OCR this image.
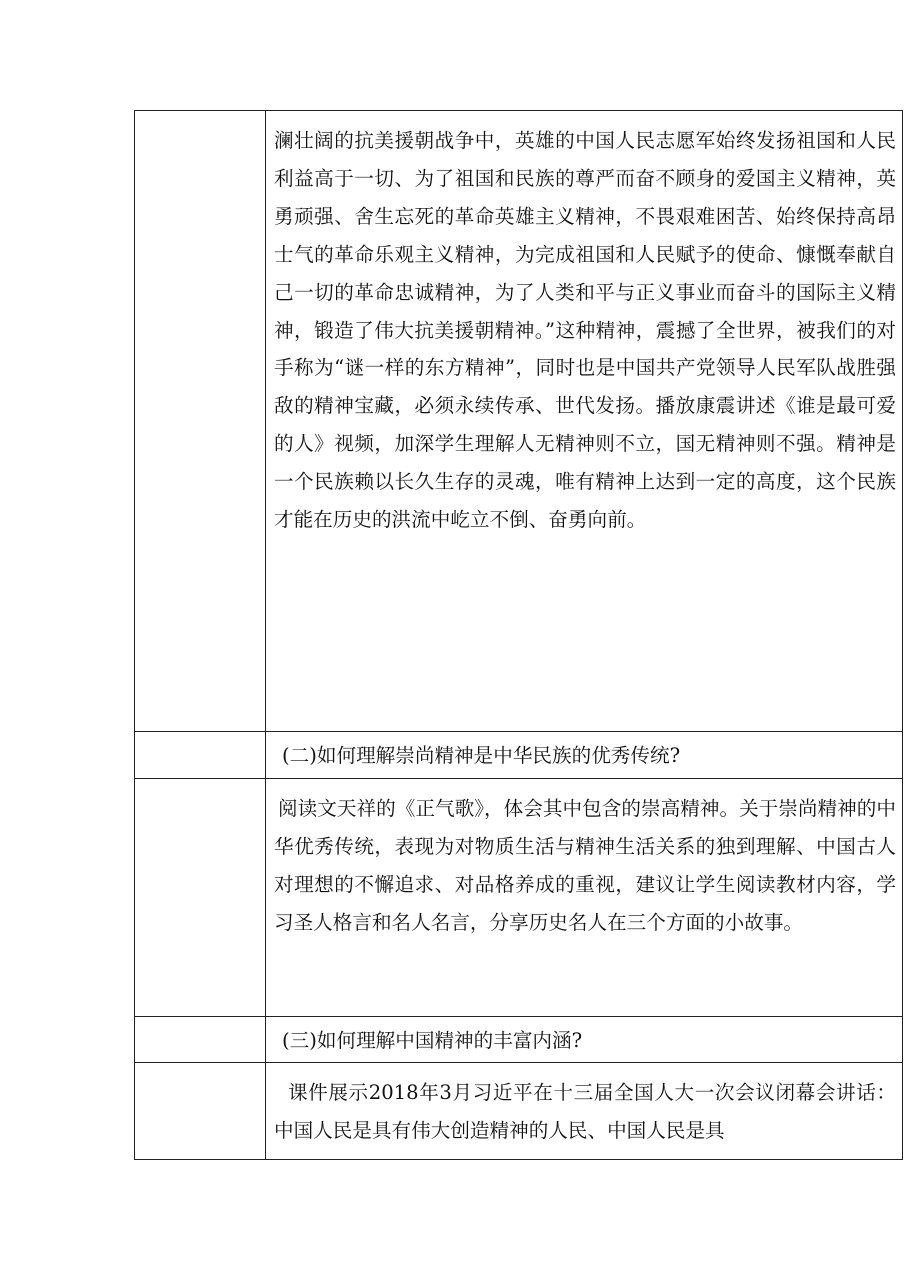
	澜壮阔的抗美援朝战争中，英雄的中国人民志愿军始终发扬祖国和人民利益高于一切、为了祖国和民族的尊严而奋不顾身的爱国主义精神，英勇顽强、舍生忘死的革命英雄主义精神，不畏艰难困苦、始终保持高昂士气的革命乐观主义精神，为完成祖国和人民赋予的使命、慷慨奉献自己一切的革命忠诚精神，为了人类和平与正义事业而奋斗的国际主义精神，锻造了伟大抗美援朝精神。”这种精神，震撼了全世界，被我们的对手称为“谜一样的东方精神”，同时也是中国共产党领导人民军队战胜强敌的精神宝藏，必须永续传承、世代发扬。播放康震讲述《谁是最可爱的人》视频，加深学生理解人无精神则不立，国无精神则不强。精神是一个民族赖以长久生存的灵魂，唯有精神上达到一定的高度，这个民族才能在历史的洪流中屹立不倒、奋勇向前。

	(二)如何理解崇尚精神是中华民族的优秀传统?

	阅读文天祥的《正气歌》，体会其中包含的崇高精神。关于崇尚精神的中华优秀传统，表现为对物质生活与精神生活关系的独到理解、中国古人对理想的不懈追求、对品格养成的重视，建议让学生阅读教材内容，学习圣人格言和名人名言，分享历史名人在三个方面的小故事。

	(三)如何理解中国精神的丰富内涵?

	课件展示2018年3月习近平在十三届全国人大一次会议闭幕会讲话：中国人民是具有伟大创造精神的人民、中国人民是具
